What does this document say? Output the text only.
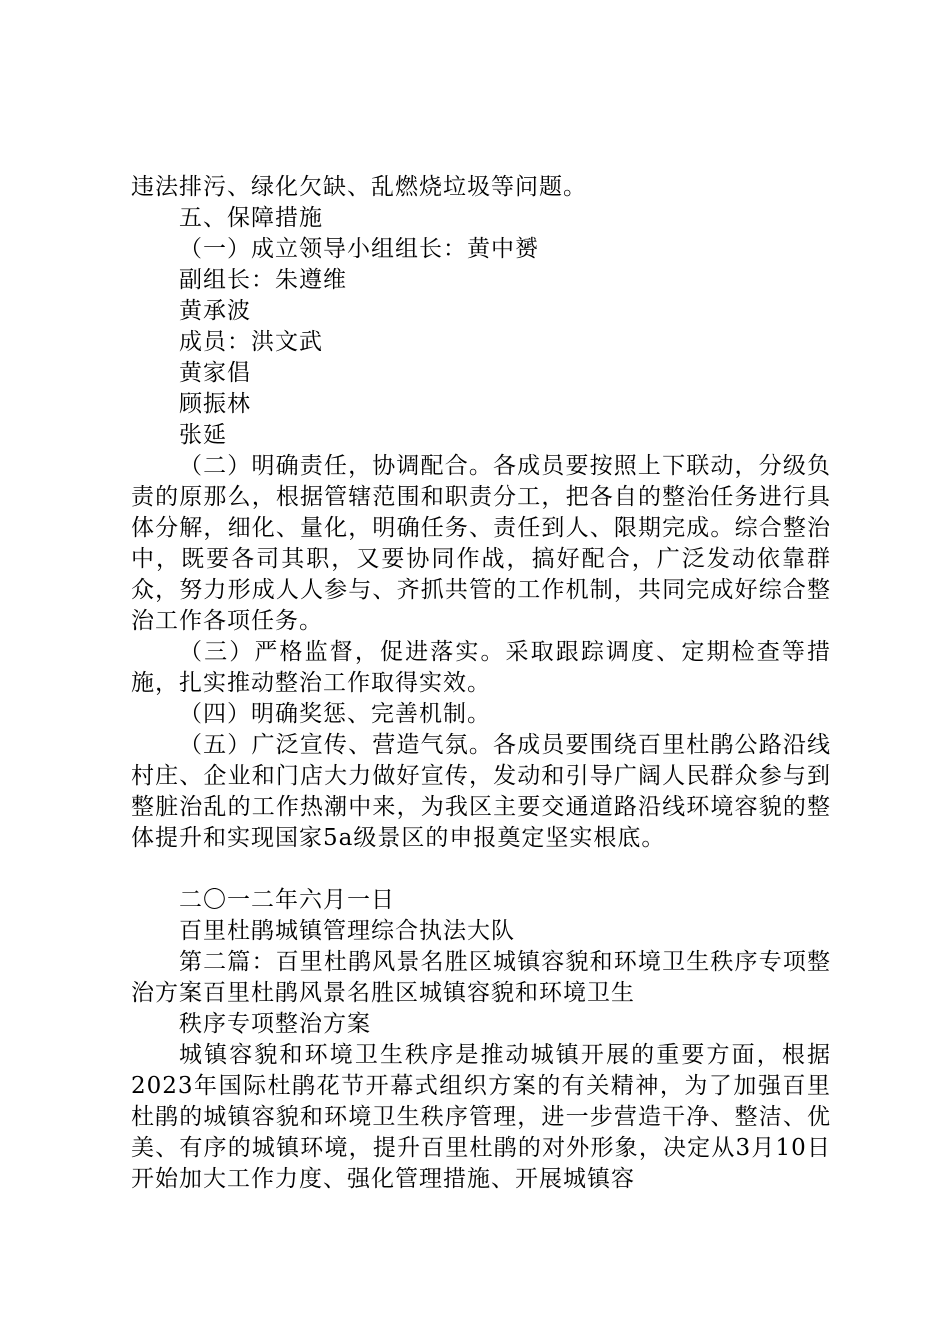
违法排污、绿化欠缺、乱燃烧垃圾等问题。

五、保障措施

（一）成立领导小组组长：黄中赟

副组长：朱遵维

黄承波

成员：洪文武

黄家倡

顾振林

张延

（二）明确责任，协调配合。各成员要按照上下联动，分级负责的原那么，根据管辖范围和职责分工，把各自的整治任务进行具体分解，细化、量化，明确任务、责任到人、限期完成。综合整治中，既要各司其职，又要协同作战，搞好配合，广泛发动依靠群众，努力形成人人参与、齐抓共管的工作机制，共同完成好综合整治工作各项任务。

（三）严格监督，促进落实。采取跟踪调度、定期检查等措施，扎实推动整治工作取得实效。

（四）明确奖惩、完善机制。

（五）广泛宣传、营造气氛。各成员要围绕百里杜鹃公路沿线村庄、企业和门店大力做好宣传，发动和引导广阔人民群众参与到整脏治乱的工作热潮中来，为我区主要交通道路沿线环境容貌的整体提升和实现国家5a级景区的申报奠定坚实根底。

二〇一二年六月一日

百里杜鹃城镇管理综合执法大队

第二篇：百里杜鹃风景名胜区城镇容貌和环境卫生秩序专项整治方案百里杜鹃风景名胜区城镇容貌和环境卫生

秩序专项整治方案

城镇容貌和环境卫生秩序是推动城镇开展的重要方面，根据2023年国际杜鹃花节开幕式组织方案的有关精神，为了加强百里杜鹃的城镇容貌和环境卫生秩序管理，进一步营造干净、整洁、优美、有序的城镇环境，提升百里杜鹃的对外形象，决定从3月10日开始加大工作力度、强化管理措施、开展城镇容
